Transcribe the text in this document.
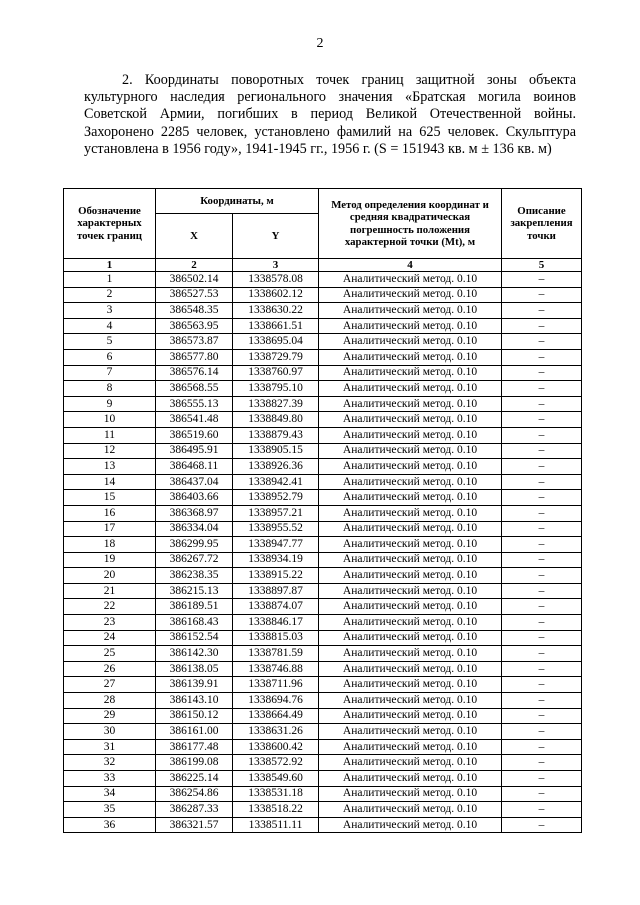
2

2. Координаты поворотных точек границ защитной зоны объекта культурного наследия регионального значения «Братская могила воинов Советской Армии, погибших в период Великой Отечественной войны. Захоронено 2285 человек, установлено фамилий на 625 человек. Скульптура установлена в 1956 году», 1941-1945 гг., 1956 г. (S = 151943 кв. м ± 136 кв. м)

Обозначение характерных точек границ	Координаты, м		Метод определения координат и средняя квадратическая погрешность положения характерной точки (Mt), м	Описание закрепления точки
	X	Y		
1	2	3	4	5
1	386502.14	1338578.08	Аналитический метод. 0.10	–
2	386527.53	1338602.12	Аналитический метод. 0.10	–
3	386548.35	1338630.22	Аналитический метод. 0.10	–
4	386563.95	1338661.51	Аналитический метод. 0.10	–
5	386573.87	1338695.04	Аналитический метод. 0.10	–
6	386577.80	1338729.79	Аналитический метод. 0.10	–
7	386576.14	1338760.97	Аналитический метод. 0.10	–
8	386568.55	1338795.10	Аналитический метод. 0.10	–
9	386555.13	1338827.39	Аналитический метод. 0.10	–
10	386541.48	1338849.80	Аналитический метод. 0.10	–
11	386519.60	1338879.43	Аналитический метод. 0.10	–
12	386495.91	1338905.15	Аналитический метод. 0.10	–
13	386468.11	1338926.36	Аналитический метод. 0.10	–
14	386437.04	1338942.41	Аналитический метод. 0.10	–
15	386403.66	1338952.79	Аналитический метод. 0.10	–
16	386368.97	1338957.21	Аналитический метод. 0.10	–
17	386334.04	1338955.52	Аналитический метод. 0.10	–
18	386299.95	1338947.77	Аналитический метод. 0.10	–
19	386267.72	1338934.19	Аналитический метод. 0.10	–
20	386238.35	1338915.22	Аналитический метод. 0.10	–
21	386215.13	1338897.87	Аналитический метод. 0.10	–
22	386189.51	1338874.07	Аналитический метод. 0.10	–
23	386168.43	1338846.17	Аналитический метод. 0.10	–
24	386152.54	1338815.03	Аналитический метод. 0.10	–
25	386142.30	1338781.59	Аналитический метод. 0.10	–
26	386138.05	1338746.88	Аналитический метод. 0.10	–
27	386139.91	1338711.96	Аналитический метод. 0.10	–
28	386143.10	1338694.76	Аналитический метод. 0.10	–
29	386150.12	1338664.49	Аналитический метод. 0.10	–
30	386161.00	1338631.26	Аналитический метод. 0.10	–
31	386177.48	1338600.42	Аналитический метод. 0.10	–
32	386199.08	1338572.92	Аналитический метод. 0.10	–
33	386225.14	1338549.60	Аналитический метод. 0.10	–
34	386254.86	1338531.18	Аналитический метод. 0.10	–
35	386287.33	1338518.22	Аналитический метод. 0.10	–
36	386321.57	1338511.11	Аналитический метод. 0.10	–
